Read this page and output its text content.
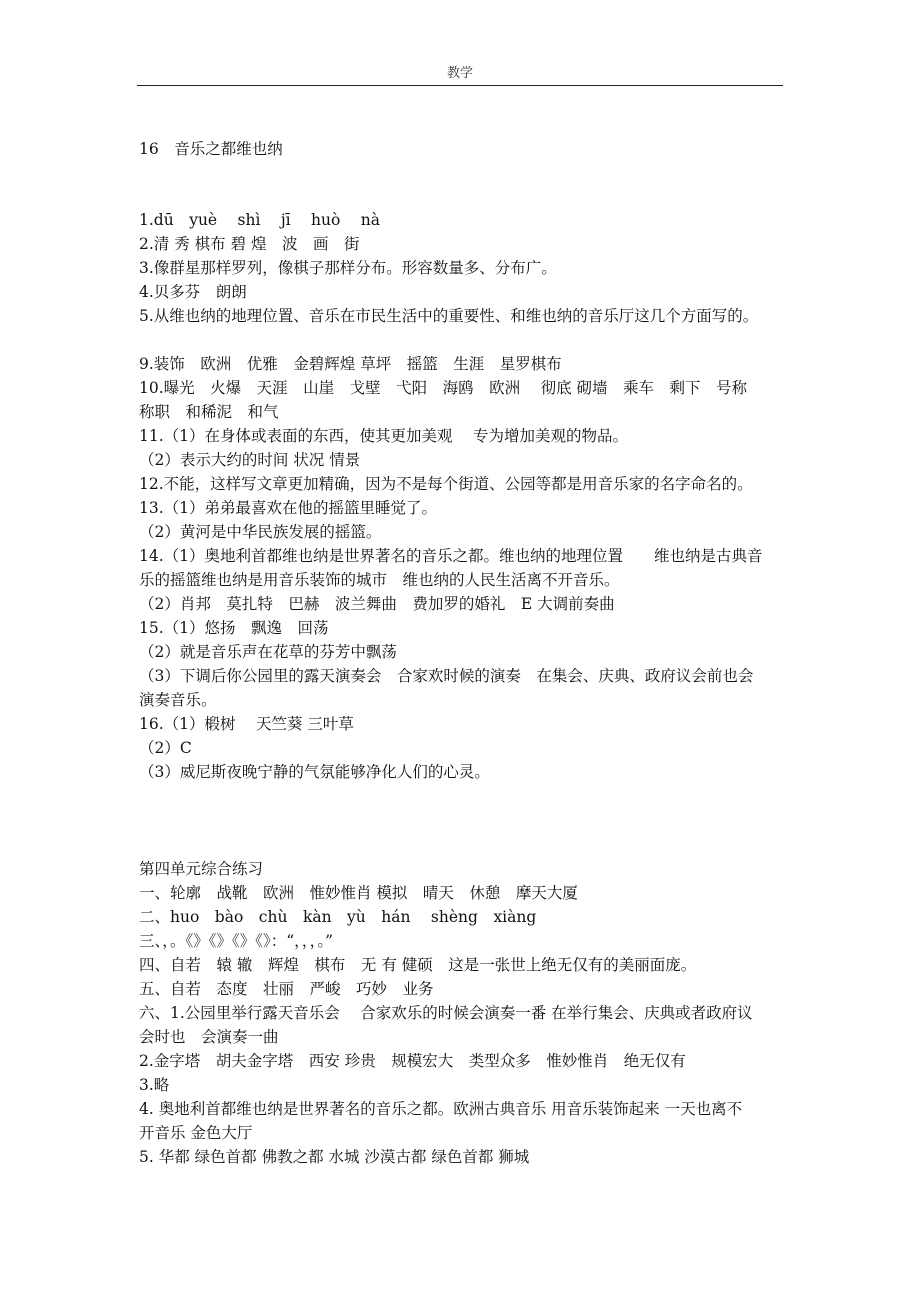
教学
16　音乐之都维也纳
1.dū　yuè　 shì　 jī　 huò　 nà
2.清 秀 棋布 碧 煌　波　画　街
3.像群星那样罗列，像棋子那样分布。形容数量多、分布广。
4.贝多芬　朗朗
5.从维也纳的地理位置、音乐在市民生活中的重要性、和维也纳的音乐厅这几个方面写的。
9.装饰　欧洲　优雅　金碧辉煌 草坪　摇篮　生涯　星罗棋布
10.曝光　火爆　天涯　山崖　戈壁　弋阳　海鸥　欧洲　 彻底 砌墙　乘车　剩下　号称
称职　和稀泥　和气
11.（1）在身体或表面的东西，使其更加美观　 专为增加美观的物品。
（2）表示大约的时间 状况 情景
12.不能，这样写文章更加精确，因为不是每个街道、公园等都是用音乐家的名字命名的。
13.（1）弟弟最喜欢在他的摇篮里睡觉了。
（2）黄河是中华民族发展的摇篮。
14.（1）奥地利首都维也纳是世界著名的音乐之都。维也纳的地理位置　　维也纳是古典音
乐的摇篮维也纳是用音乐装饰的城市　维也纳的人民生活离不开音乐。
（2）肖邦　莫扎特　巴赫　波兰舞曲　费加罗的婚礼　E 大调前奏曲
15.（1）悠扬　飘逸　回荡
（2）就是音乐声在花草的芬芳中飘荡
（3）下调后你公园里的露天演奏会　合家欢时候的演奏　在集会、庆典、政府议会前也会
演奏音乐。
16.（1）椴树　 天竺葵 三叶草
（2）C
（3）威尼斯夜晚宁静的气氛能够净化人们的心灵。
第四单元综合练习
一、轮廓　战靴　欧洲　惟妙惟肖 模拟　晴天　休憩　摩天大厦
二、huo　bào　chù　kàn　yù　hán　 shèng　xiàng
三、，。《》《》《》《》：“，，，。”
四、自若　辕 辙　辉煌　棋布　无 有 健硕　这是一张世上绝无仅有的美丽面庞。
五、自若　态度　壮丽　严峻　巧妙　业务
六、1.公园里举行露天音乐会　 合家欢乐的时候会演奏一番 在举行集会、庆典或者政府议
会时也　会演奏一曲
2.金字塔　胡夫金字塔　西安 珍贵　规模宏大　类型众多　惟妙惟肖　绝无仅有
3.略
4. 奥地利首都维也纳是世界著名的音乐之都。欧洲古典音乐 用音乐装饰起来 一天也离不
开音乐 金色大厅
5. 华都 绿色首都 佛教之都 水城 沙漠古都 绿色首都 狮城
